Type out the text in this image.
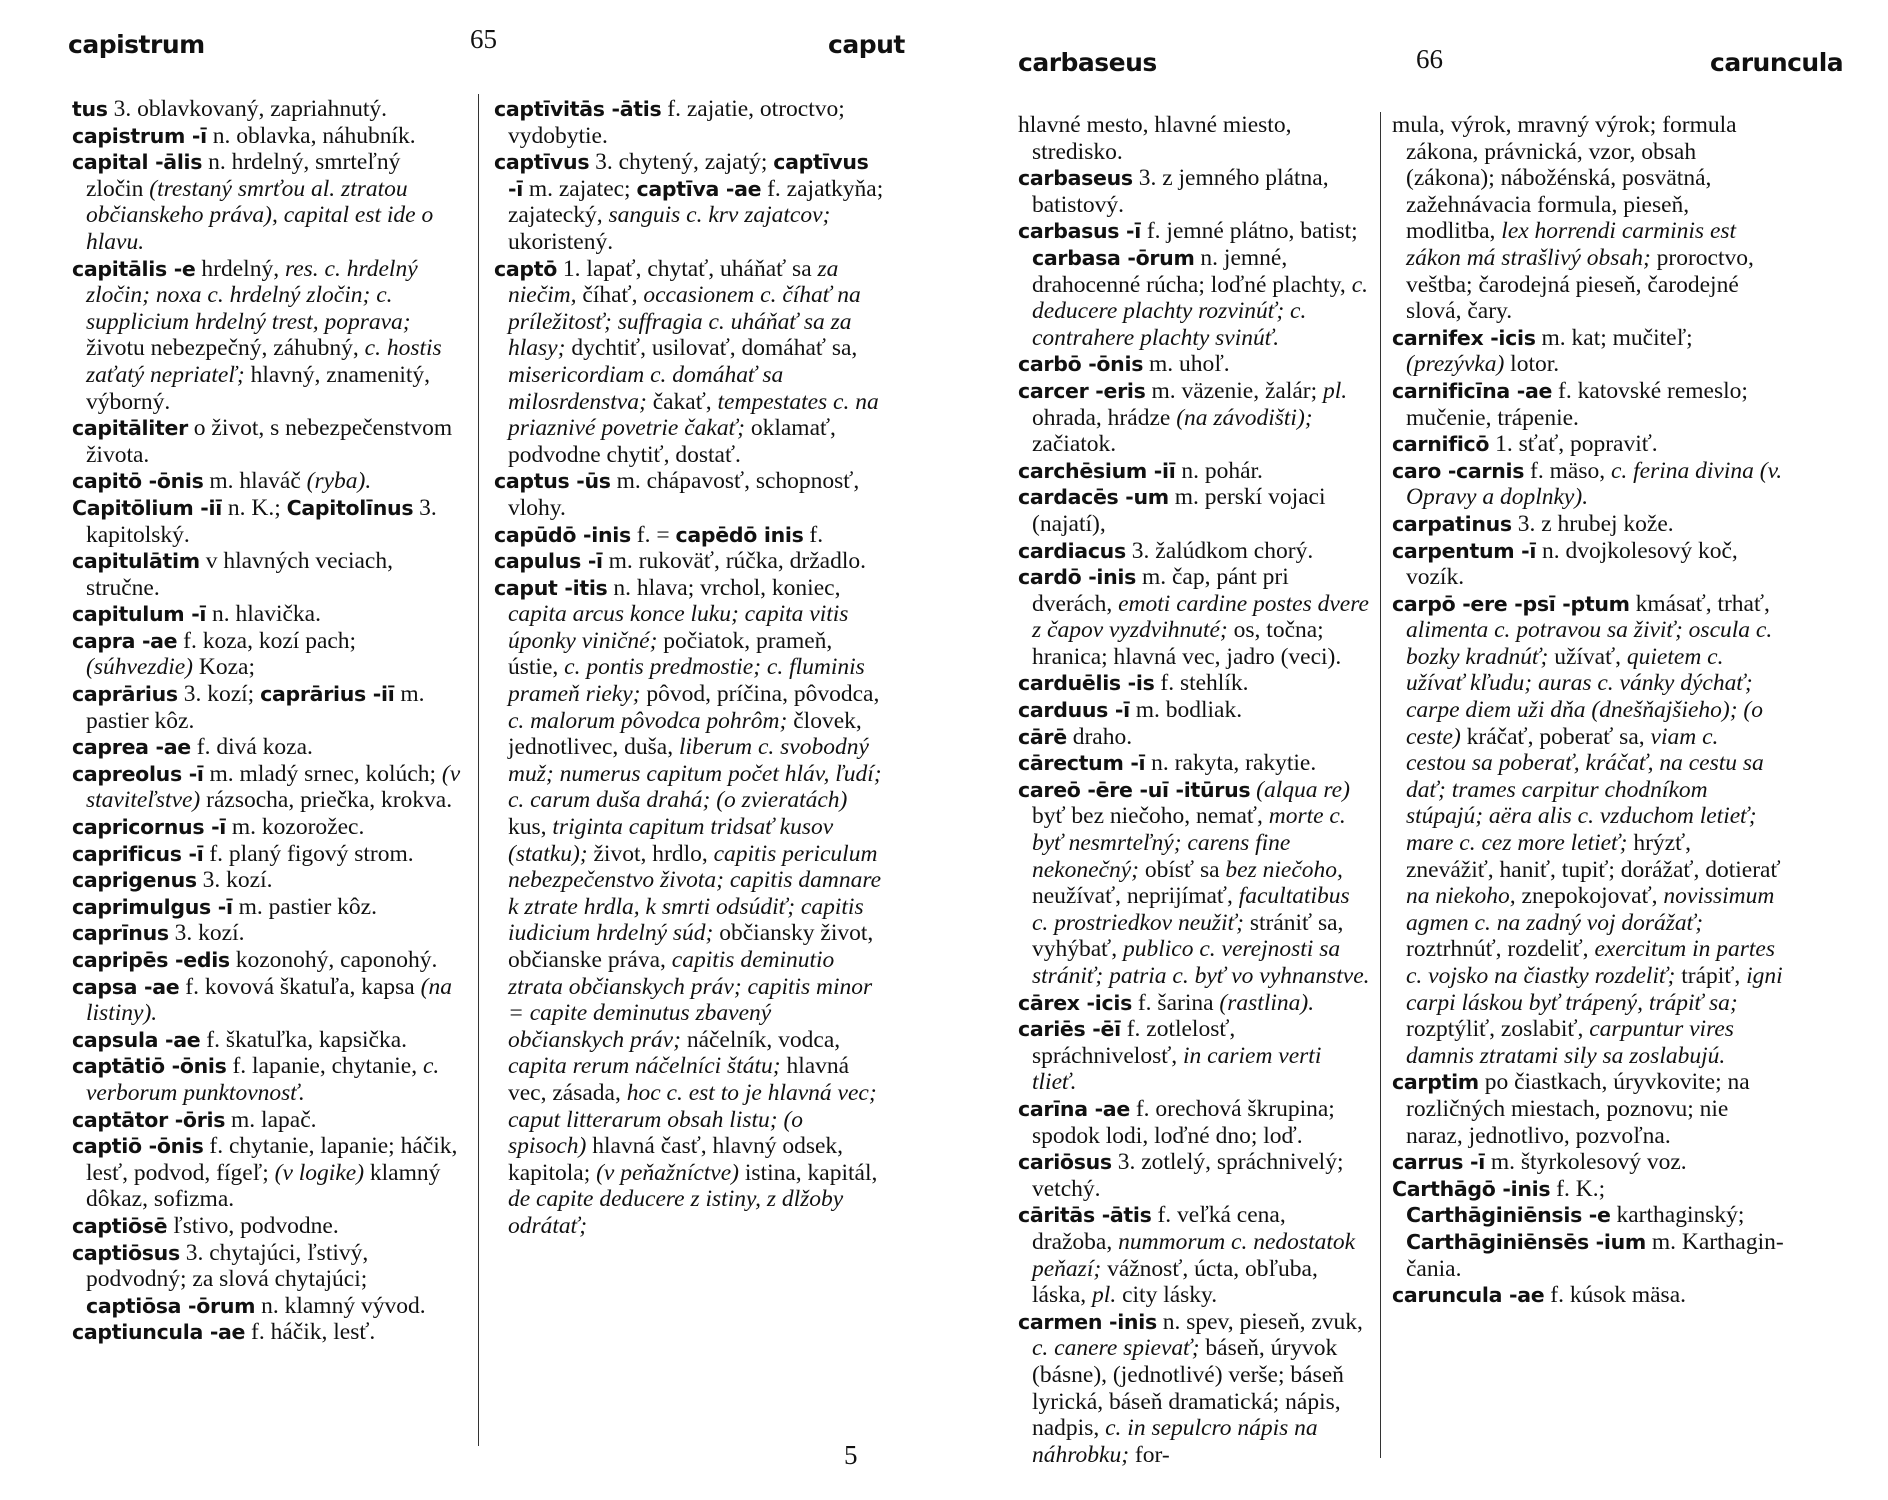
capistrum	65	caput

tus 3. oblavkovaný, zapriahnutý.

capistrum -ī n. oblavka, náhubník.

capital -ālis n. hrdelný, smrteľný zločin (trestaný smrťou al. ztratou občianskeho práva), capital est ide o hlavu.

capitālis -e hrdelný, res. c. hrdelný zločin; noxa c. hrdelný zločin; c. supplicium hrdelný trest, poprava; životu nebezpečný, záhubný, c. hostis zaťatý nepriateľ; hlavný, znamenitý, výborný.

capitāliter o život, s nebezpečenstvom života.

capitō -ōnis m. hlaváč (ryba).

Capitōlium -iī n. K.; Capitolīnus 3. kapitolský.

capitulātim v hlavných veciach, stručne.

capitulum -ī n. hlavička.

capra -ae f. koza, kozí pach; (súhvezdie) Koza;

caprārius 3. kozí; caprārius -iī m. pastier kôz.

caprea -ae f. divá koza.

capreolus -ī m. mladý srnec, kolúch; (v staviteľstve) rázsocha, priečka, krokva.

capricornus -ī m. kozorožec.

caprificus -ī f. planý figový strom.

caprigenus 3. kozí.

caprimulgus -ī m. pastier kôz.

caprīnus 3. kozí.

capripēs -edis kozonohý, caponohý.

capsa -ae f. kovová škatuľa, kapsa (na listiny).

capsula -ae f. škatuľka, kapsička.

captātiō -ōnis f. lapanie, chytanie, c. verborum punktovnosť.

captātor -ōris m. lapač.

captiō -ōnis f. chytanie, lapanie; háčik, lesť, podvod, fígeľ; (v logike) klamný dôkaz, sofizma.

captiōsē ľstivo, podvodne.

captiōsus 3. chytajúci, ľstivý, podvodný; za slová chytajúci; captiōsa -ōrum n. klamný vývod.

captiuncula -ae f. háčik, lesť.

captīvitās -ātis f. zajatie, otroctvo; vydobytie.

captīvus 3. chytený, zajatý; captīvus -ī m. zajatec; captīva -ae f. zajatkyňa; zajatecký, sanguis c. krv zajatcov; ukoristený.

captō 1. lapať, chytať, uháňať sa za niečim, číhať, occasionem c. číhať na príležitosť; suffragia c. uháňať sa za hlasy; dychtiť, usilovať, domáhať sa, misericordiam c. domáhať sa milosrdenstva; čakať, tempestates c. na priaznivé povetrie čakať; oklamať, podvodne chytiť, dostať.

captus -ūs m. chápavosť, schopnosť, vlohy.

capūdō -inis f. = capēdō inis f.

capulus -ī m. rukoväť, rúčka, držadlo.

caput -itis n. hlava; vrchol, koniec, capita arcus konce luku; capita vitis úponky viničné; počiatok, prameň, ústie, c. pontis predmostie; c. fluminis prameň rieky; pôvod, príčina, pôvodca, c. malorum pôvodca pohrôm; človek, jednotlivec, duša, liberum c. svobodný muž; numerus capitum počet hláv, ľudí; c. carum duša drahá; (o zvieratách) kus, triginta capitum tridsať kusov (statku); život, hrdlo, capitis periculum nebezpečenstvo života; capitis damnare k ztrate hrdla, k smrti odsúdiť; capitis iudicium hrdelný súd; občiansky život, občianske práva, capitis deminutio ztrata občianskych práv; capitis minor = capite deminutus zbavený občianskych práv; náčelník, vodca, capita rerum náčelníci štátu; hlavná vec, zásada, hoc c. est to je hlavná vec; caput litterarum obsah listu; (o spisoch) hlavná časť, hlavný odsek, kapitola; (v peňažníctve) istina, kapitál, de capite deducere z istiny, z dlžoby odrátať;

5
carbaseus	66	caruncula

hlavné mesto, hlavné miesto, stredisko.

carbaseus 3. z jemného plátna, batistový.

carbasus -ī f. jemné plátno, batist; carbasa -ōrum n. jemné, drahocenné rúcha; loďné plachty, c. deducere plachty rozvinúť; c. contrahere plachty svinúť.

carbō -ōnis m. uhoľ.

carcer -eris m. väzenie, žalár; pl. ohrada, hrádze (na závodišti); začiatok.

carchēsium -iī n. pohár.

cardacēs -um m. perskí vojaci (najatí),

cardiacus 3. žalúdkom chorý.

cardō -inis m. čap, pánt pri dverách, emoti cardine postes dvere z čapov vyzdvihnuté; os, točna; hranica; hlavná vec, jadro (veci).

carduēlis -is f. stehlík.

carduus -ī m. bodliak.

cārē draho.

cārectum -ī n. rakyta, rakytie.

careō -ēre -uī -itūrus (alqua re) byť bez niečoho, nemať, morte c. byť nesmrteľný; carens fine nekonečný; obísť sa bez niečoho, neužívať, neprijímať, facultatibus c. prostriedkov neužiť; strániť sa, vyhýbať, publico c. verejnosti sa strániť; patria c. byť vo vyhnanstve.

cārex -icis f. šarina (rastlina).

cariēs -ēī f. zotlelosť, spráchnivelosť, in cariem verti tlieť.

carīna -ae f. orechová škrupina; spodok lodi, loďné dno; loď.

cariōsus 3. zotlelý, spráchnivelý; vetchý.

cāritās -ātis f. veľká cena, dražoba, nummorum c. nedostatok peňazí; vážnosť, úcta, obľuba, láska, pl. city lásky.

carmen -inis n. spev, pieseň, zvuk, c. canere spievať; báseň, úryvok (básne), (jednotlivé) verše; báseň lyrická, báseň dramatická; nápis, nadpis, c. in sepulcro nápis na náhrobku; for-

mula, výrok, mravný výrok; formula zákona, právnická, vzor, obsah (zákona); nábožénská, posvätná, zažehnávacia formula, pieseň, modlitba, lex horrendi carminis est zákon má strašlivý obsah; proroctvo, veštba; čarodejná pieseň, čarodejné slová, čary.

carnifex -icis m. kat; mučiteľ; (prezývka) lotor.

carnificīna -ae f. katovské remeslo; mučenie, trápenie.

carnificō 1. sťať, popraviť.

caro -carnis f. mäso, c. ferina divina (v. Opravy a doplnky).

carpatinus 3. z hrubej kože.

carpentum -ī n. dvojkolesový koč, vozík.

carpō -ere -psī -ptum kmásať, trhať, alimenta c. potravou sa živiť; oscula c. bozky kradnúť; užívať, quietem c. užívať kľudu; auras c. vánky dýchať; carpe diem uži dňa (dnešňajšieho); (o ceste) kráčať, poberať sa, viam c. cestou sa poberať, kráčať, na cestu sa dať; trames carpitur chodníkom stúpajú; aëra alis c. vzduchom letieť; mare c. cez more letieť; hrýzť, znevážiť, haniť, tupiť; dorážať, dotierať na niekoho, znepokojovať, novissimum agmen c. na zadný voj dorážať; roztrhnúť, rozdeliť, exercitum in partes c. vojsko na čiastky rozdeliť; trápiť, igni carpi láskou byť trápený, trápiť sa; rozptýliť, zoslabiť, carpuntur vires damnis ztratami sily sa zoslabujú.

carptim po čiastkach, úryvkovite; na rozličných miestach, poznovu; nie naraz, jednotlivo, pozvoľna.

carrus -ī m. štyrkolesový voz.

Carthāgō -inis f. K.; Carthāginiēnsis -e karthaginský; Carthāginiēnsēs -ium m. Karthagin-čania.

caruncula -ae f. kúsok mäsa.
